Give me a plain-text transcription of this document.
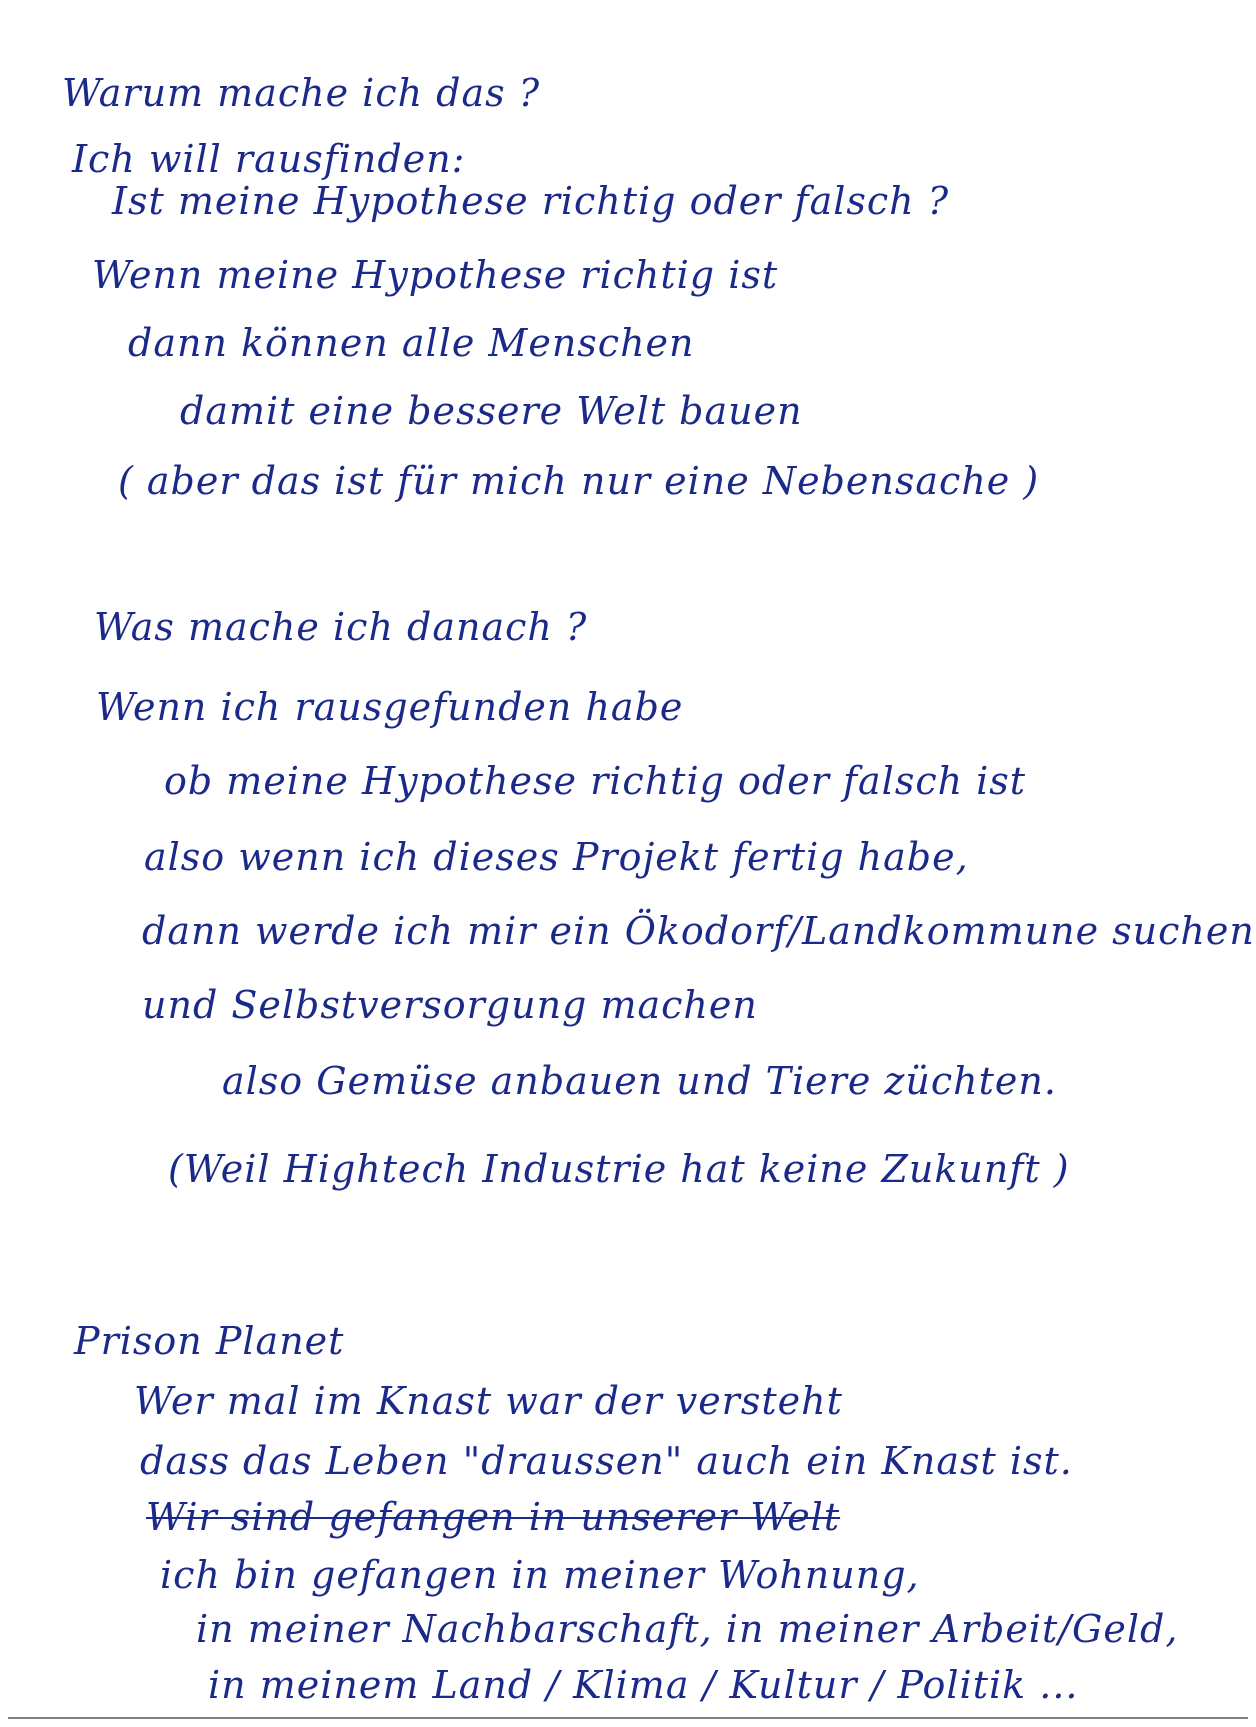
Warum mache ich das ?
Ich will rausfinden:
Ist meine Hypothese richtig oder falsch ?
Wenn meine Hypothese richtig ist
dann können alle Menschen
damit eine bessere Welt bauen
( aber das ist für mich nur eine Nebensache )
Was mache ich danach ?
Wenn ich rausgefunden habe
ob meine Hypothese richtig oder falsch ist
also wenn ich dieses Projekt fertig habe,
dann werde ich mir ein Ökodorf/Landkommune suchen
und Selbstversorgung machen
also Gemüse anbauen und Tiere züchten.
(Weil Hightech Industrie hat keine Zukunft )
Prison Planet
Wer mal im Knast war der versteht
dass das Leben "draussen" auch ein Knast ist.
Wir sind gefangen in unserer Welt
ich bin gefangen in meiner Wohnung,
in meiner Nachbarschaft, in meiner Arbeit/Geld,
in meinem Land / Klima / Kultur / Politik ...
